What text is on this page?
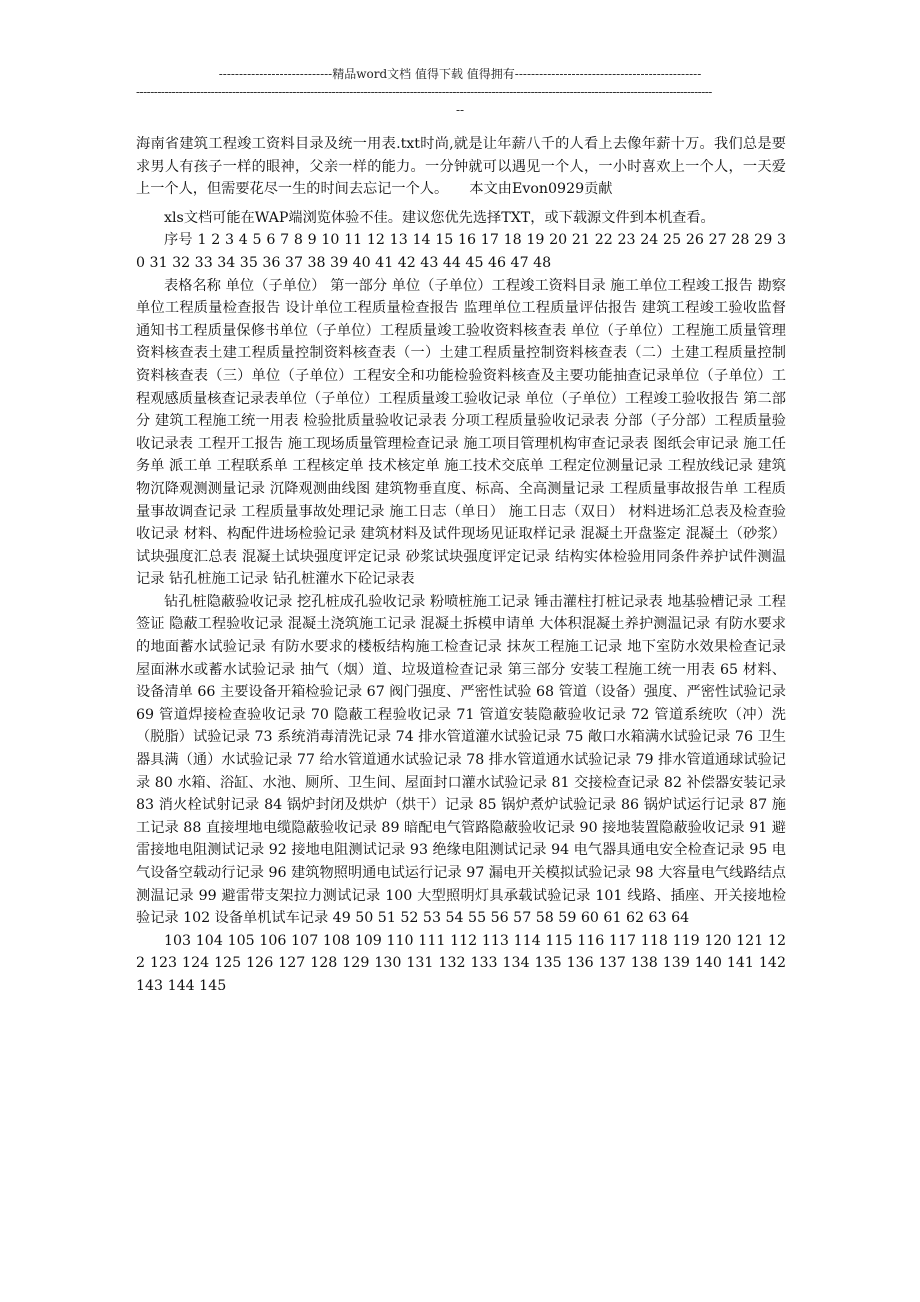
----------------------------精品word文档 值得下载 值得拥有----------------------------------------------
------------------------------------------------------------------------------------------------------------------------------------------------------------------
--

海南省建筑工程竣工资料目录及统一用表.txt时尚,就是让年薪八千的人看上去像年薪十万。我们总是要求男人有孩子一样的眼神，父亲一样的能力。一分钟就可以遇见一个人，一小时喜欢上一个人，一天爱上一个人，但需要花尽一生的时间去忘记一个人。　　本文由Evon0929贡献

xls文档可能在WAP端浏览体验不佳。建议您优先选择TXT，或下载源文件到本机查看。

序号 1 2 3 4 5 6 7 8 9 10 11 12 13 14 15 16 17 18 19 20 21 22 23 24 25 26 27 28 29 30 31 32 33 34 35 36 37 38 39 40 41 42 43 44 45 46 47 48

表格名称 单位（子单位） 第一部分 单位（子单位）工程竣工资料目录 施工单位工程竣工报告 勘察单位工程质量检查报告 设计单位工程质量检查报告 监理单位工程质量评估报告 建筑工程竣工验收监督通知书工程质量保修书单位（子单位）工程质量竣工验收资料核查表 单位（子单位）工程施工质量管理资料核查表土建工程质量控制资料核查表（一）土建工程质量控制资料核查表（二）土建工程质量控制资料核查表（三）单位（子单位）工程安全和功能检验资料核查及主要功能抽查记录单位（子单位）工程观感质量核查记录表单位（子单位）工程质量竣工验收记录 单位（子单位）工程竣工验收报告 第二部分 建筑工程施工统一用表 检验批质量验收记录表 分项工程质量验收记录表 分部（子分部）工程质量验收记录表 工程开工报告 施工现场质量管理检查记录 施工项目管理机构审查记录表 图纸会审记录 施工任务单 派工单 工程联系单 工程核定单 技术核定单 施工技术交底单 工程定位测量记录 工程放线记录 建筑物沉降观测测量记录 沉降观测曲线图 建筑物垂直度、标高、全高测量记录 工程质量事故报告单 工程质量事故调查记录 工程质量事故处理记录 施工日志（单日） 施工日志（双日） 材料进场汇总表及检查验收记录 材料、构配件进场检验记录 建筑材料及试件现场见证取样记录 混凝土开盘鉴定 混凝土（砂浆）试块强度汇总表 混凝土试块强度评定记录 砂浆试块强度评定记录 结构实体检验用同条件养护试件测温记录 钻孔桩施工记录 钻孔桩灌水下砼记录表

钻孔桩隐蔽验收记录 挖孔桩成孔验收记录 粉喷桩施工记录 锤击灌柱打桩记录表 地基验槽记录 工程签证 隐蔽工程验收记录 混凝土浇筑施工记录 混凝土拆模申请单 大体积混凝土养护测温记录 有防水要求的地面蓄水试验记录 有防水要求的楼板结构施工检查记录 抹灰工程施工记录 地下室防水效果检查记录 屋面淋水或蓄水试验记录 抽气（烟）道、垃圾道检查记录 第三部分 安装工程施工统一用表 65 材料、设备清单 66 主要设备开箱检验记录 67 阀门强度、严密性试验 68 管道（设备）强度、严密性试验记录 69 管道焊接检查验收记录 70 隐蔽工程验收记录 71 管道安装隐蔽验收记录 72 管道系统吹（冲）洗（脱脂）试验记录 73 系统消毒清洗记录 74 排水管道灌水试验记录 75 敞口水箱满水试验记录 76 卫生器具满（通）水试验记录 77 给水管道通水试验记录 78 排水管道通水试验记录 79 排水管道通球试验记录 80 水箱、浴缸、水池、厕所、卫生间、屋面封口灌水试验记录 81 交接检查记录 82 补偿器安装记录 83 消火栓试射记录 84 锅炉封闭及烘炉（烘干）记录 85 锅炉煮炉试验记录 86 锅炉试运行记录 87 施工记录 88 直接埋地电缆隐蔽验收记录 89 暗配电气管路隐蔽验收记录 90 接地装置隐蔽验收记录 91 避雷接地电阻测试记录 92 接地电阻测试记录 93 绝缘电阻测试记录 94 电气器具通电安全检查记录 95 电气设备空载动行记录 96 建筑物照明通电试运行记录 97 漏电开关模拟试验记录 98 大容量电气线路结点测温记录 99 避雷带支架拉力测试记录 100 大型照明灯具承载试验记录 101 线路、插座、开关接地检验记录 102 设备单机试车记录 49 50 51 52 53 54 55 56 57 58 59 60 61 62 63 64

103 104 105 106 107 108 109 110 111 112 113 114 115 116 117 118 119 120 121 122 123 124 125 126 127 128 129 130 131 132 133 134 135 136 137 138 139 140 141 142 143 144 145
